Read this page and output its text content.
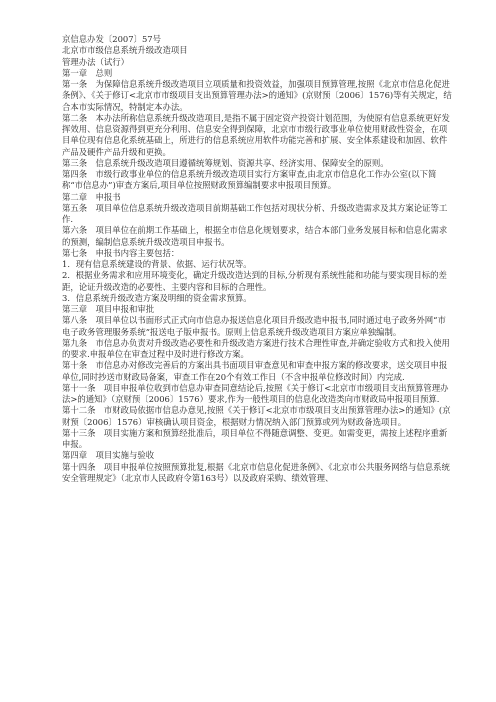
京信息办发〔2007〕57号
北京市市级信息系统升级改造项目
管理办法（试行）
第一章　总则
第一条　为保障信息系统升级改造项目立项质量和投资效益，加强项目预算管理,按照《北京市信息化促进条例》、《关于修订<北京市市级项目支出预算管理办法>的通知》(京财预〔2006〕1576)等有关规定，结合本市实际情况，特制定本办法。
第二条　本办法所称信息系统升级改造项目,是指不属于固定资产投资计划范围，为使原有信息系统更好发挥效用、信息资源得到更充分利用、信息安全得到保障，北京市市级行政事业单位使用财政性资金，在项目单位现有信息化系统基础上，所进行的信息系统应用软件功能完善和扩展、安全体系建设和加固、软件产品及硬件产品升级和更换。
第三条　信息系统升级改造项目遵循统筹规划、资源共享、经济实用、保障安全的原则。
第四条　市级行政事业单位的信息系统升级改造项目实行方案审查,由北京市信息化工作办公室(以下简称“市信息办”)审查方案后,项目单位按照财政预算编制要求申报项目预算。
第二章　申报书
第五条　项目单位信息系统升级改造项目前期基础工作包括对现状分析、升级改造需求及其方案论证等工作.
第六条　项目单位在前期工作基础上，根据全市信息化规划要求，结合本部门业务发展目标和信息化需求的预测，编制信息系统升级改造项目申报书。
第七条　申报书内容主要包括：
1．现有信息系统建设的背景、依据、运行状况等。
2．根据业务需求和应用环境变化，确定升级改造达到的目标,分析现有系统性能和功能与要实现目标的差距，论证升级改造的必要性、主要内容和目标的合理性。
3．信息系统升级改造方案及明细的资金需求预算。
第三章　项目申报和审批
第八条　项目单位以书面形式正式向市信息办报送信息化项目升级改造申报书,同时通过电子政务外网“市电子政务管理服务系统”报送电子版申报书。原则上信息系统升级改造项目方案应单独编制。
第九条　市信息办负责对升级改造必要性和升级改造方案进行技术合理性审查,并确定验收方式和投入使用的要求.申报单位在审查过程中及时进行修改方案。
第十条　市信息办对修改完善后的方案出具书面项目审查意见和审查申报方案的修改要求，送交项目申报单位,同时抄送市财政局备案，审查工作在20个有效工作日（不含申报单位修改时间）内完成.
第十一条　项目申报单位收到市信息办审查同意结论后,按照《关于修订<北京市市级项目支出预算管理办法>的通知》（京财预〔2006〕1576）要求,作为一般性项目的信息化改造类向市财政局申报项目预算.
第十二条　市财政局依据市信息办意见,按照《关于修订<北京市市级项目支出预算管理办法>的通知》(京财预〔2006〕1576）审核确认项目资金，根据财力情况纳入部门预算或列为财政备选项目。
第十三条　项目实施方案和预算经批准后，项目单位不得随意调整、变更。如需变更，需按上述程序重新申报。
第四章　项目实施与验收
第十四条　项目申报单位按照预算批复,根据《北京市信息化促进条例》、《北京市公共服务网络与信息系统安全管理规定》（北京市人民政府令第163号）以及政府采购、绩效管理、
